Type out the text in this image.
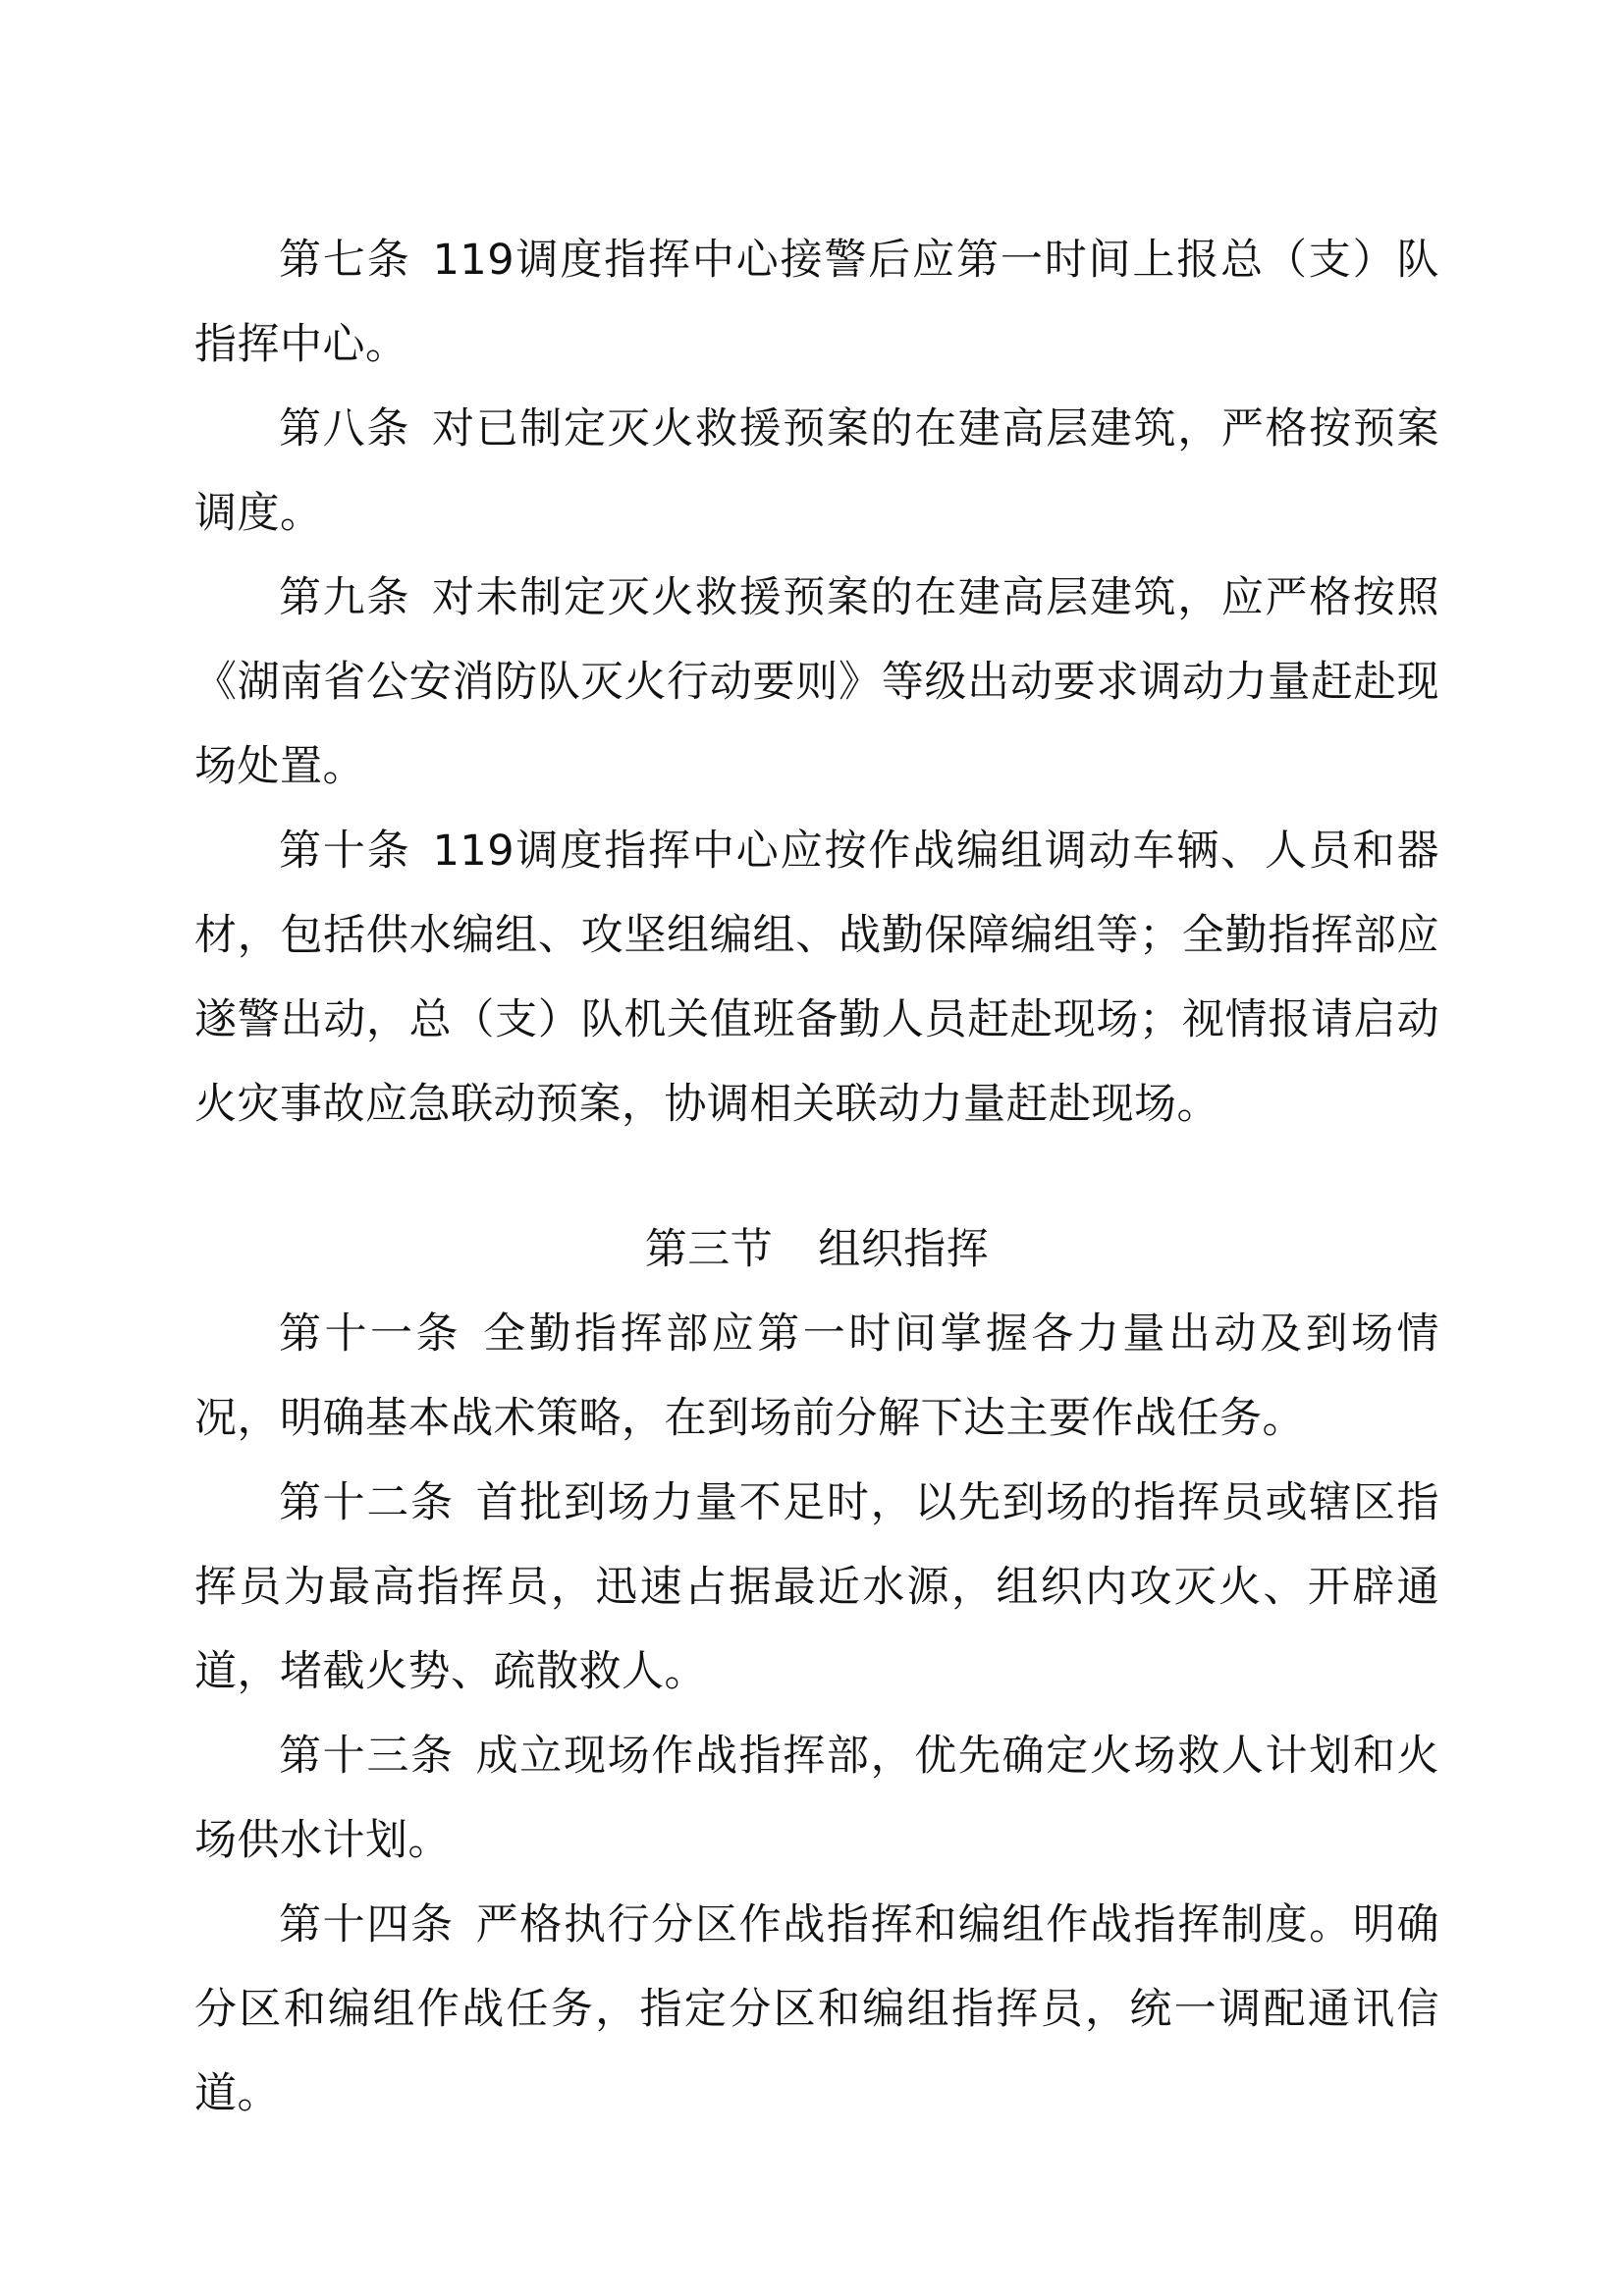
第七条 119调度指挥中心接警后应第一时间上报总（支）队指挥中心。

第八条 对已制定灭火救援预案的在建高层建筑，严格按预案调度。

第九条 对未制定灭火救援预案的在建高层建筑，应严格按照《湖南省公安消防队灭火行动要则》等级出动要求调动力量赶赴现场处置。

第十条 119调度指挥中心应按作战编组调动车辆、人员和器材，包括供水编组、攻坚组编组、战勤保障编组等；全勤指挥部应遂警出动，总（支）队机关值班备勤人员赶赴现场；视情报请启动火灾事故应急联动预案，协调相关联动力量赶赴现场。

第三节 组织指挥

第十一条 全勤指挥部应第一时间掌握各力量出动及到场情况，明确基本战术策略，在到场前分解下达主要作战任务。

第十二条 首批到场力量不足时，以先到场的指挥员或辖区指挥员为最高指挥员，迅速占据最近水源，组织内攻灭火、开辟通道，堵截火势、疏散救人。

第十三条 成立现场作战指挥部，优先确定火场救人计划和火场供水计划。

第十四条 严格执行分区作战指挥和编组作战指挥制度。明确分区和编组作战任务，指定分区和编组指挥员，统一调配通讯信道。
